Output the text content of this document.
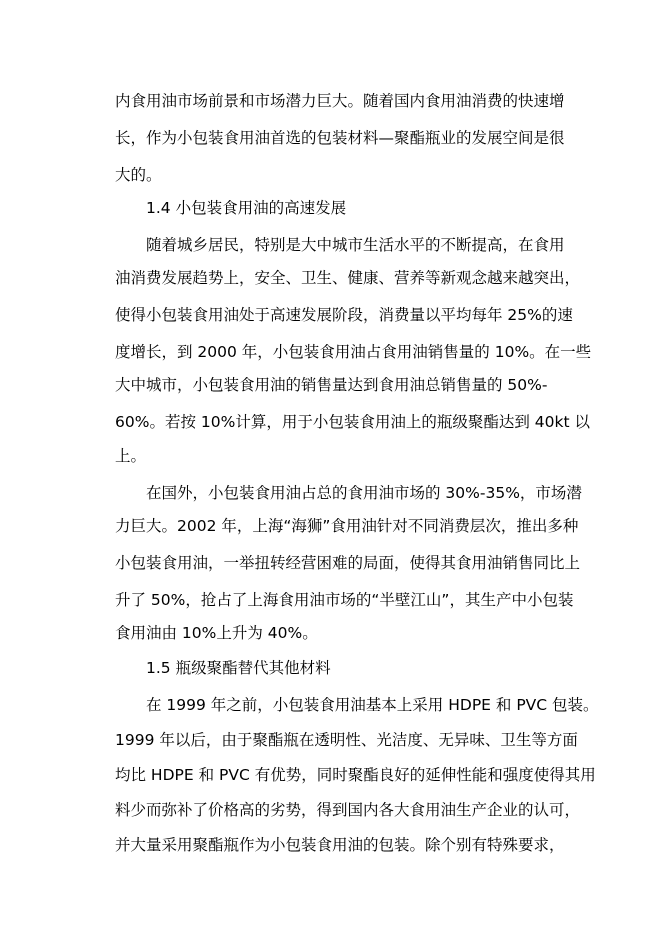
内食用油市场前景和市场潜力巨大。随着国内食用油消费的快速增
长，作为小包装食用油首选的包装材料—聚酯瓶业的发展空间是很
大的。
1.4 小包装食用油的高速发展
随着城乡居民，特别是大中城市生活水平的不断提高，在食用
油消费发展趋势上，安全、卫生、健康、营养等新观念越来越突出，
使得小包装食用油处于高速发展阶段，消费量以平均每年 25%的速
度增长，到 2000 年，小包装食用油占食用油销售量的 10%。在一些
大中城市，小包装食用油的销售量达到食用油总销售量的 50%-
60%。若按 10%计算，用于小包装食用油上的瓶级聚酯达到 40kt 以
上。
在国外，小包装食用油占总的食用油市场的 30%-35%，市场潜
力巨大。2002 年，上海“海狮”食用油针对不同消费层次，推出多种
小包装食用油，一举扭转经营困难的局面，使得其食用油销售同比上
升了 50%，抢占了上海食用油市场的“半壁江山”，其生产中小包装
食用油由 10%上升为 40%。
1.5 瓶级聚酯替代其他材料
在 1999 年之前，小包装食用油基本上采用 HDPE 和 PVC 包装。
1999 年以后，由于聚酯瓶在透明性、光洁度、无异味、卫生等方面
均比 HDPE 和 PVC 有优势，同时聚酯良好的延伸性能和强度使得其用
料少而弥补了价格高的劣势，得到国内各大食用油生产企业的认可，
并大量采用聚酯瓶作为小包装食用油的包装。除个别有特殊要求，
